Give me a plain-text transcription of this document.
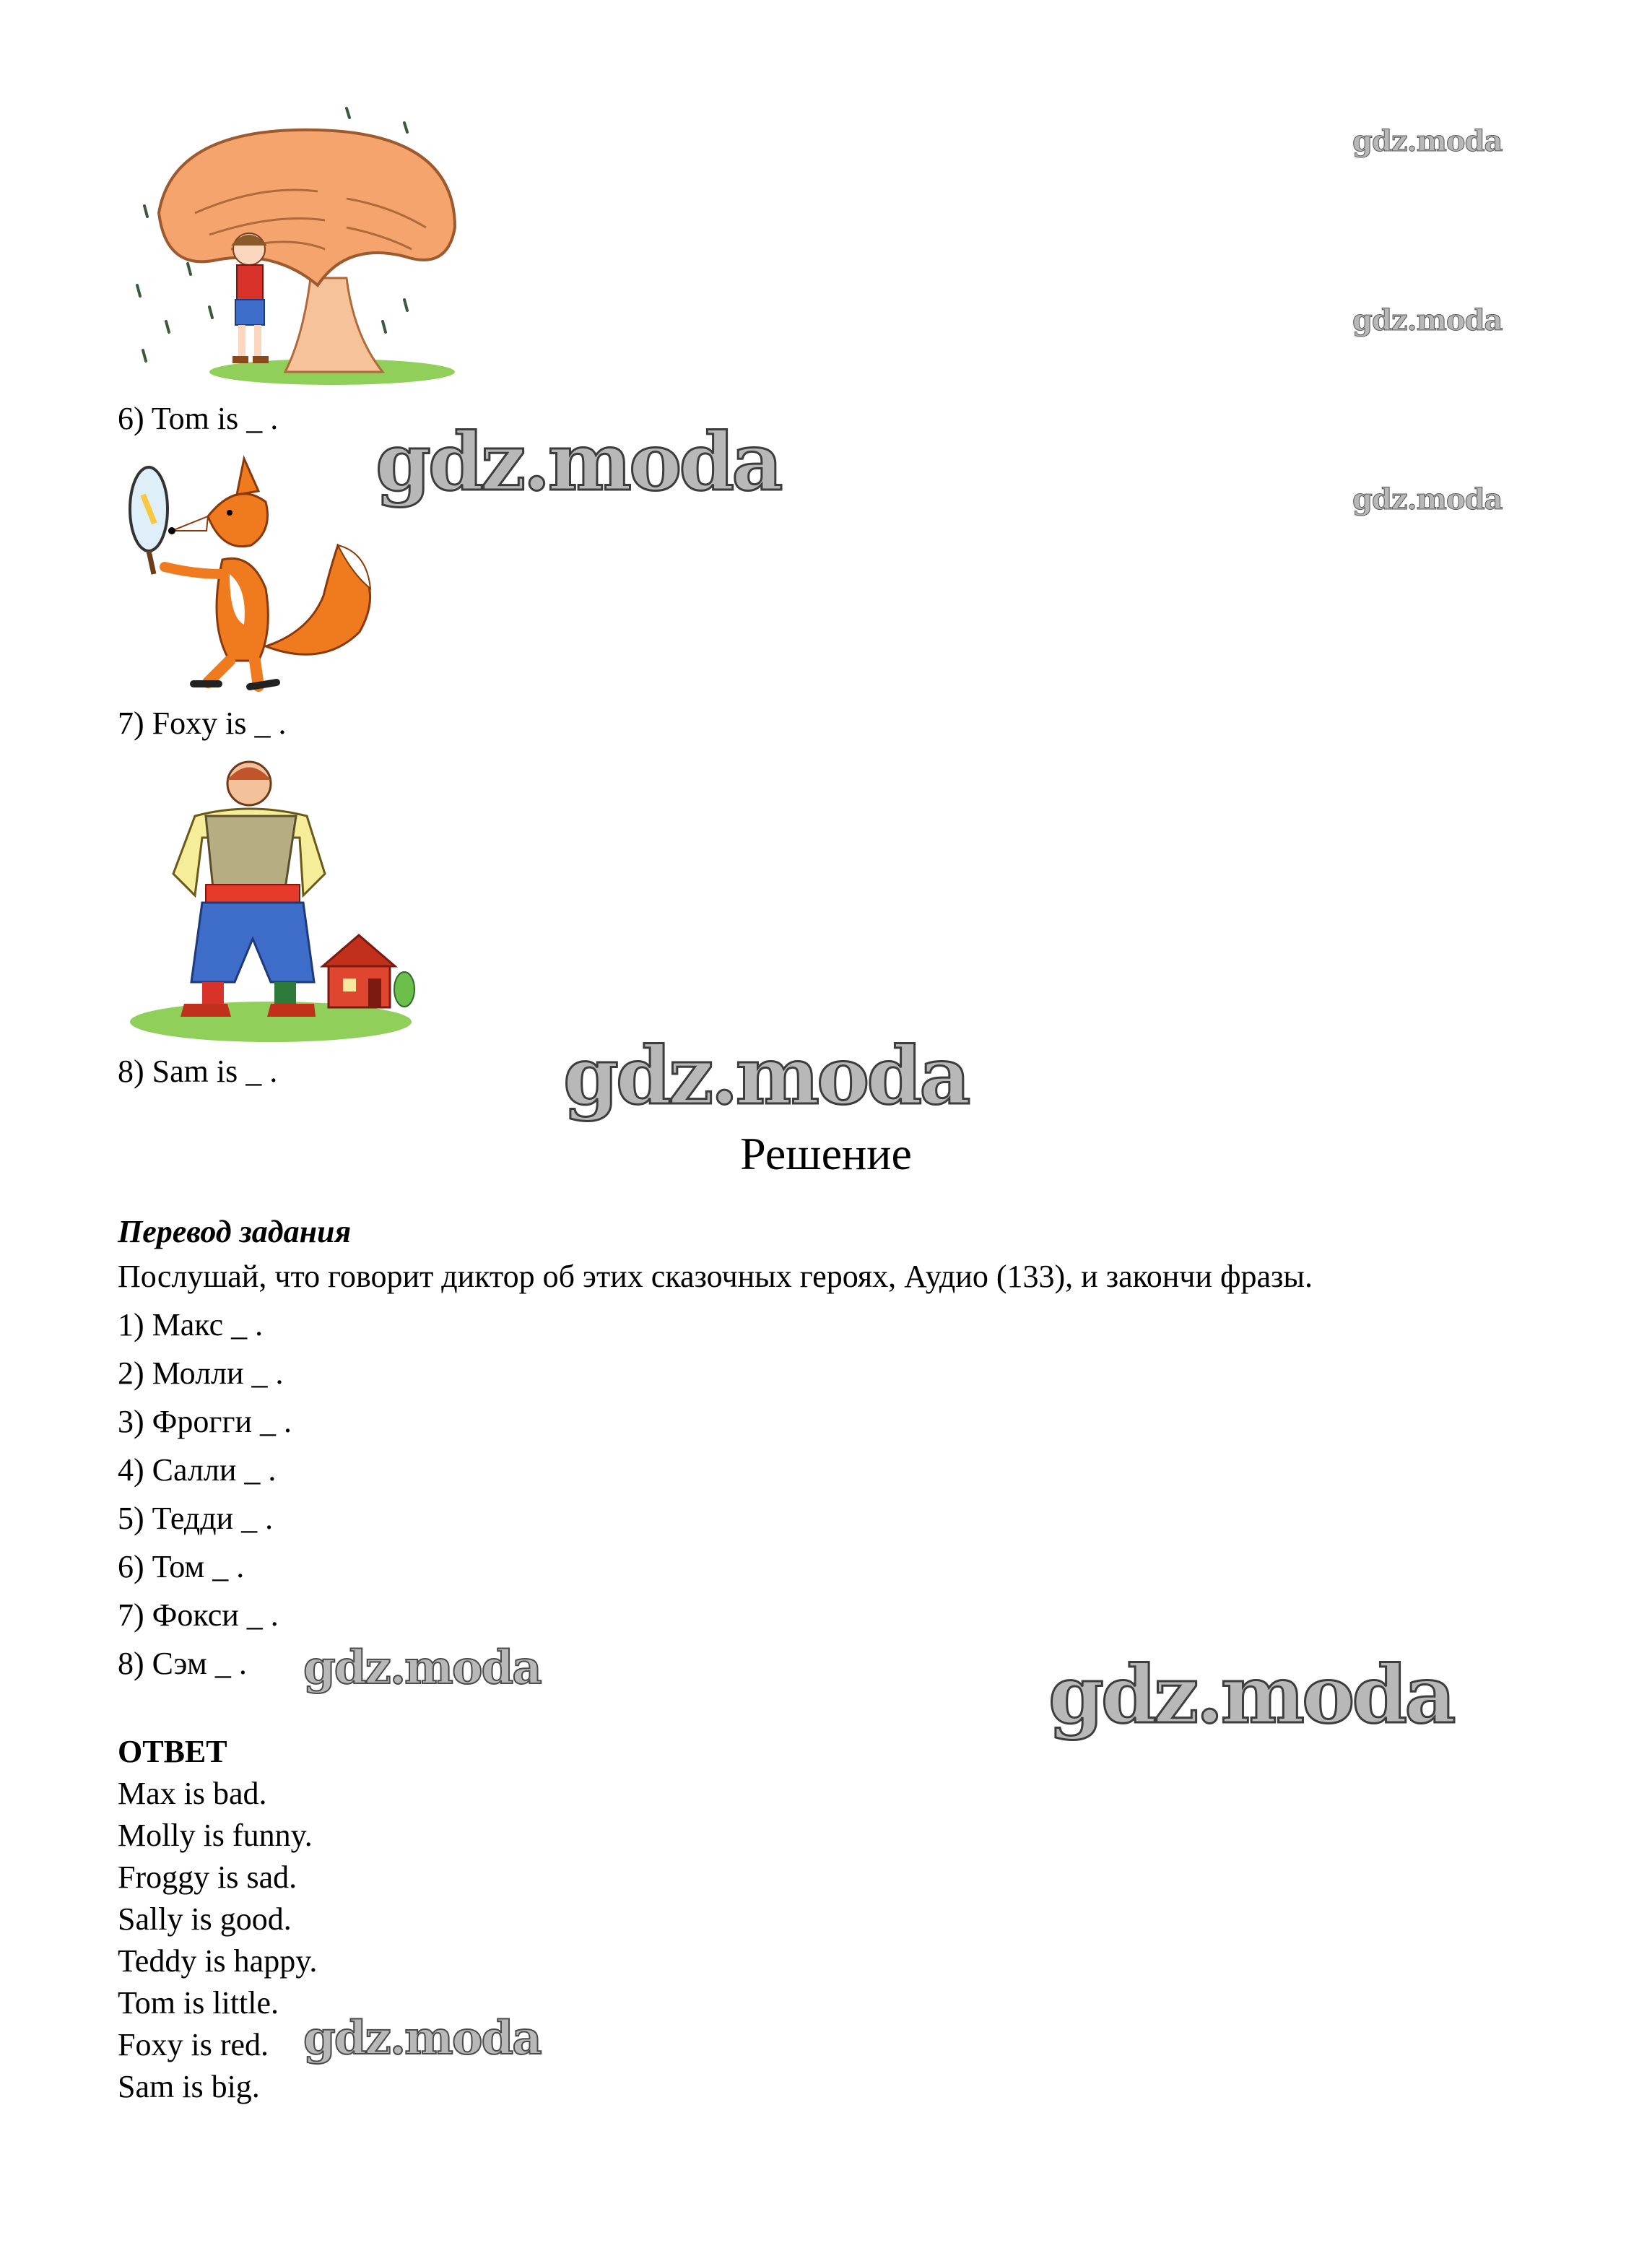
6) Tom is _ .
7) Foxy is _ .
8) Sam is _ .
gdz.moda
gdz.moda
gdz.moda
gdz.moda
gdz.moda
gdz.moda	gdz.moda
gdz.moda
Решение
Перевод задания
Послушай, что говорит диктор об этих сказочных героях, Аудио (133), и закончи фразы.
1) Макс _ .
2) Молли _ .
3) Фрогги _ .
4) Салли _ .
5) Тедди _ .
6) Том _ .
7) Фокси _ .
8) Сэм _ .
ОТВЕТ
Max is bad.
Molly is funny.
Froggy is sad.
Sally is good.
Teddy is happy.
Tom is little.
Foxy is red.
Sam is big.
